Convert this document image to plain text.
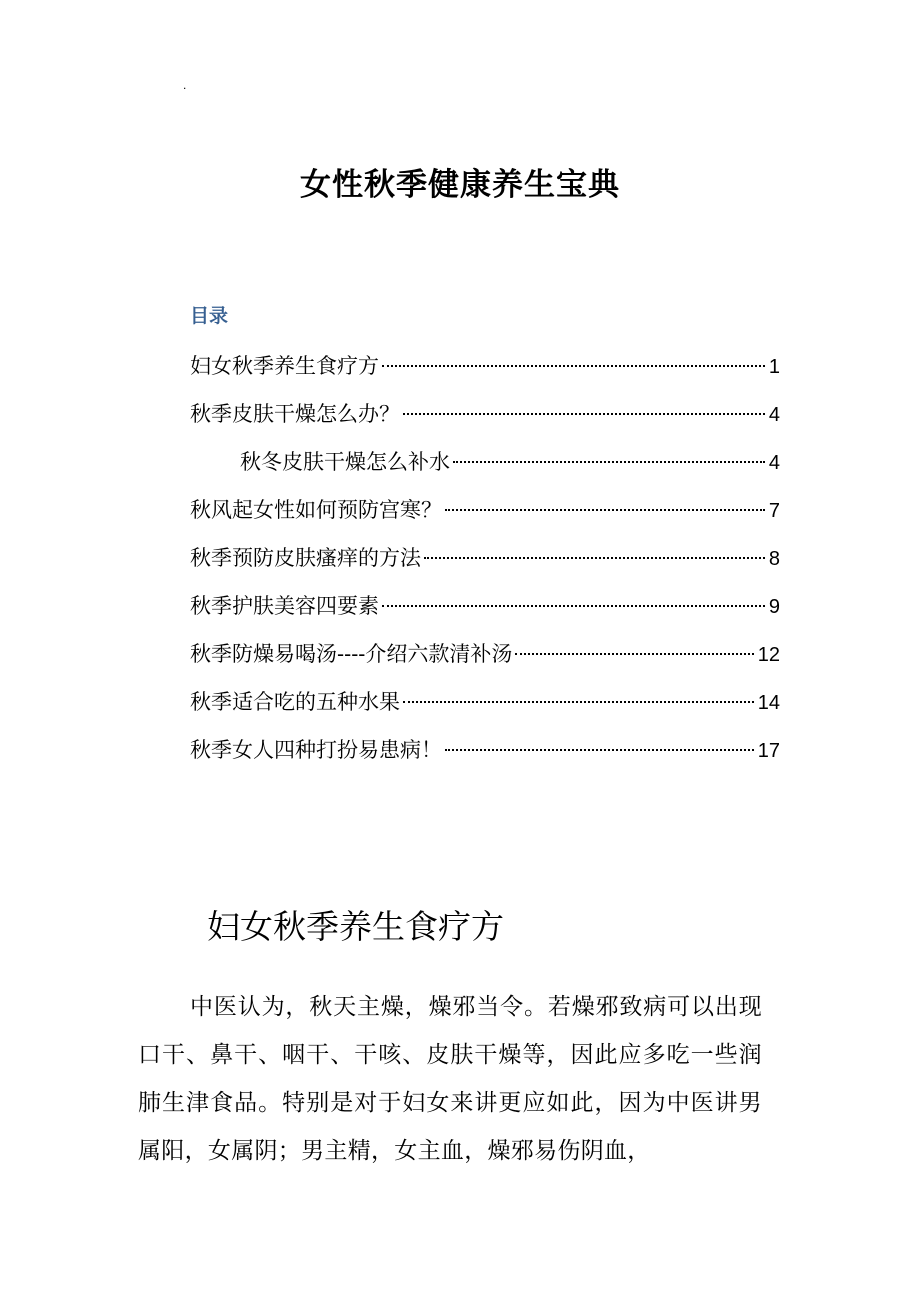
.
女性秋季健康养生宝典
目录
妇女秋季养生食疗方	1
秋季皮肤干燥怎么办？	4
秋冬皮肤干燥怎么补水	4
秋风起女性如何预防宫寒？	7
秋季预防皮肤瘙痒的方法	8
秋季护肤美容四要素	9
秋季防燥易喝汤----介绍六款清补汤	12
秋季适合吃的五种水果	14
秋季女人四种打扮易患病！	17
妇女秋季养生食疗方

中医认为，秋天主燥，燥邪当令。若燥邪致病可以出现口干、鼻干、咽干、干咳、皮肤干燥等，因此应多吃一些润肺生津食品。特别是对于妇女来讲更应如此，因为中医讲男属阳，女属阴；男主精，女主血，燥邪易伤阴血，
